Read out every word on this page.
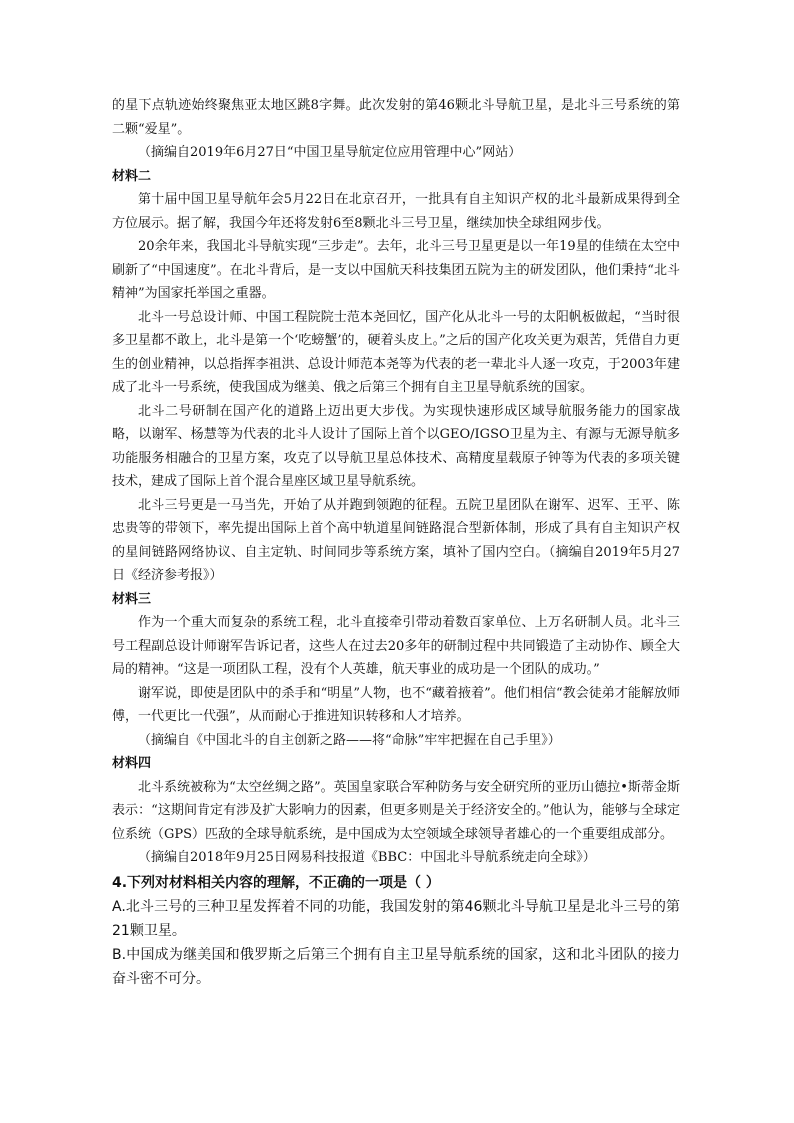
的星下点轨迹始终聚焦亚太地区跳8字舞。此次发射的第46颗北斗导航卫星，是北斗三号系统的第二颗“爱星”。

（摘编自2019年6月27日“中国卫星导航定位应用管理中心”网站）

材料二

第十届中国卫星导航年会5月22日在北京召开，一批具有自主知识产权的北斗最新成果得到全方位展示。据了解，我国今年还将发射6至8颗北斗三号卫星，继续加快全球组网步伐。

20余年来，我国北斗导航实现“三步走”。去年，北斗三号卫星更是以一年19星的佳绩在太空中刷新了“中国速度”。在北斗背后，是一支以中国航天科技集团五院为主的研发团队，他们秉持“北斗精神”为国家托举国之重器。

北斗一号总设计师、中国工程院院士范本尧回忆，国产化从北斗一号的太阳帆板做起，“当时很多卫星都不敢上，北斗是第一个‘吃螃蟹’的，硬着头皮上。”之后的国产化攻关更为艰苦，凭借自力更生的创业精神，以总指挥李祖洪、总设计师范本尧等为代表的老一辈北斗人逐一攻克，于2003年建成了北斗一号系统，使我国成为继美、俄之后第三个拥有自主卫星导航系统的国家。

北斗二号研制在国产化的道路上迈出更大步伐。为实现快速形成区域导航服务能力的国家战略，以谢军、杨慧等为代表的北斗人设计了国际上首个以GEO/IGSO卫星为主、有源与无源导航多功能服务相融合的卫星方案，攻克了以导航卫星总体技术、高精度星载原子钟等为代表的多项关键技术，建成了国际上首个混合星座区域卫星导航系统。

北斗三号更是一马当先，开始了从并跑到领跑的征程。五院卫星团队在谢军、迟军、王平、陈忠贵等的带领下，率先提出国际上首个高中轨道星间链路混合型新体制，形成了具有自主知识产权的星间链路网络协议、自主定轨、时间同步等系统方案，填补了国内空白。（摘编自2019年5月27 日《经济参考报》）

材料三

作为一个重大而复杂的系统工程，北斗直接牵引带动着数百家单位、上万名研制人员。北斗三号工程副总设计师谢军告诉记者，这些人在过去20多年的研制过程中共同锻造了主动协作、顾全大局的精神。“这是一项团队工程，没有个人英雄，航天事业的成功是一个团队的成功。”

谢军说，即使是团队中的杀手和“明星”人物，也不“藏着掖着”。他们相信“教会徒弟才能解放师傅，一代更比一代强”，从而耐心于推进知识转移和人才培养。

（摘编自《中国北斗的自主创新之路——将“命脉”牢牢把握在自己手里》）

材料四

北斗系统被称为“太空丝绸之路”。英国皇家联合军种防务与安全研究所的亚历山德拉•斯蒂金斯表示：“这期间肯定有涉及扩大影响力的因素，但更多则是关于经济安全的。”他认为，能够与全球定位系统（GPS）匹敌的全球导航系统，是中国成为太空领域全球领导者雄心的一个重要组成部分。

（摘编自2018年9月25日网易科技报道《BBC：中国北斗导航系统走向全球》）

4.下列对材料相关内容的理解，不正确的一项是（ ）
A.北斗三号的三种卫星发挥着不同的功能，我国发射的第46颗北斗导航卫星是北斗三号的第21颗卫星。
B.中国成为继美国和俄罗斯之后第三个拥有自主卫星导航系统的国家，这和北斗团队的接力奋斗密不可分。
